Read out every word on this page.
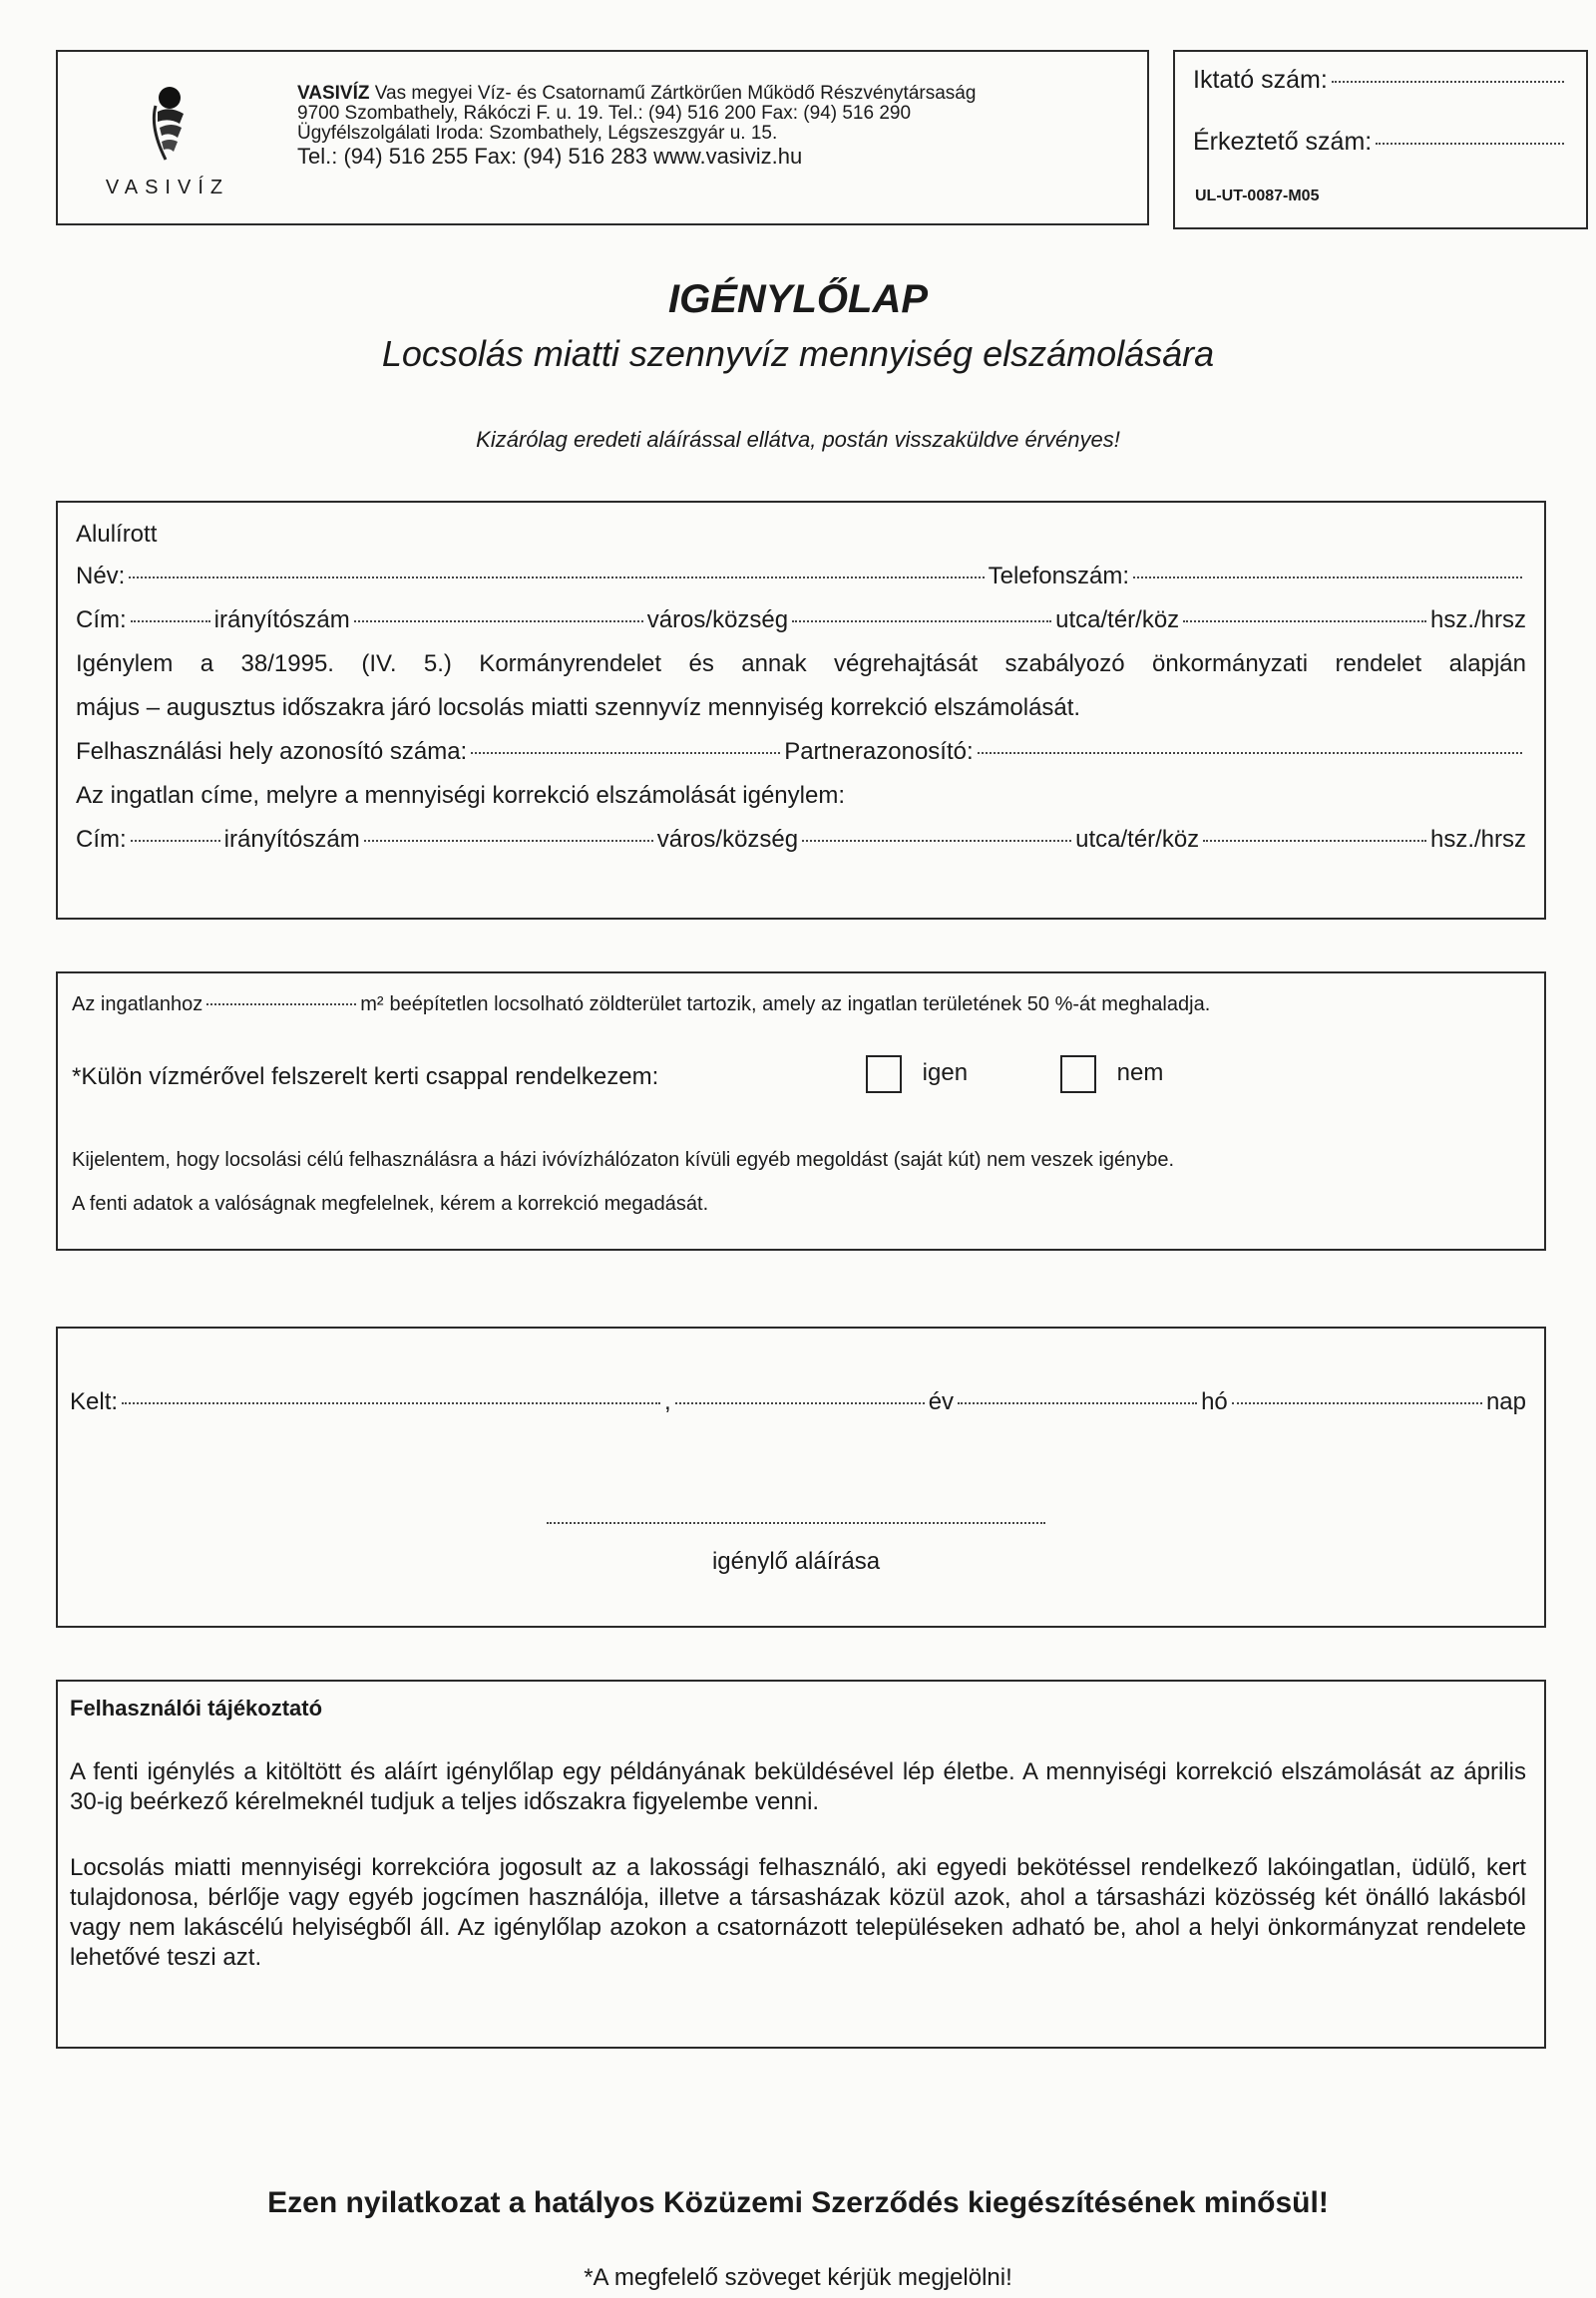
VASIVÍZ
VASIVÍZ Vas megyei Víz- és Csatornamű Zártkörűen Működő Részvénytársaság
9700 Szombathely, Rákóczi F. u. 19. Tel.: (94) 516 200 Fax: (94) 516 290
Ügyfélszolgálati Iroda: Szombathely, Légszeszgyár u. 15.
Tel.: (94) 516 255 Fax: (94) 516 283 www.vasiviz.hu
Iktató szám:
Érkeztető szám:
UL-UT-0087-M05
IGÉNYLŐLAP
Locsolás miatti szennyvíz mennyiség elszámolására
Kizárólag eredeti aláírással ellátva, postán visszaküldve érvényes!
Alulírott
Név:	Telefonszám:
Cím:	irányítószám	város/község	utca/tér/köz	hsz./hrsz
Igénylem a 38/1995. (IV. 5.) Kormányrendelet és annak végrehajtását szabályozó önkormányzati rendelet alapján
május – augusztus időszakra járó locsolás miatti szennyvíz mennyiség korrekció elszámolását.
Felhasználási hely azonosító száma:	Partnerazonosító:
Az ingatlan címe, melyre a mennyiségi korrekció elszámolását igénylem:
Cím:	irányítószám	város/község	utca/tér/köz	hsz./hrsz
Az ingatlanhoz	m² beépítetlen locsolható zöldterület tartozik, amely az ingatlan területének 50 %-át meghaladja.
*Külön vízmérővel felszerelt kerti csappal rendelkezem:	igen	nem
Kijelentem, hogy locsolási célú felhasználásra a házi ivóvízhálózaton kívüli egyéb megoldást (saját kút) nem veszek igénybe.
A fenti adatok a valóságnak megfelelnek, kérem a korrekció megadását.
Kelt:	,	év	hó	nap
igénylő aláírása
Felhasználói tájékoztató

A fenti igénylés a kitöltött és aláírt igénylőlap egy példányának beküldésével lép életbe. A mennyiségi korrekció elszámolását az április 30-ig beérkező kérelmeknél tudjuk a teljes időszakra figyelembe venni.

Locsolás miatti mennyiségi korrekcióra jogosult az a lakossági felhasználó, aki egyedi bekötéssel rendelkező lakóingatlan, üdülő, kert tulajdonosa, bérlője vagy egyéb jogcímen használója, illetve a társasházak közül azok, ahol a társasházi közösség két önálló lakásból vagy nem lakáscélú helyiségből áll. Az igénylőlap azokon a csatornázott településeken adható be, ahol a helyi önkormányzat rendelete lehetővé teszi azt.

Ezen nyilatkozat a hatályos Közüzemi Szerződés kiegészítésének minősül!
*A megfelelő szöveget kérjük megjelölni!
